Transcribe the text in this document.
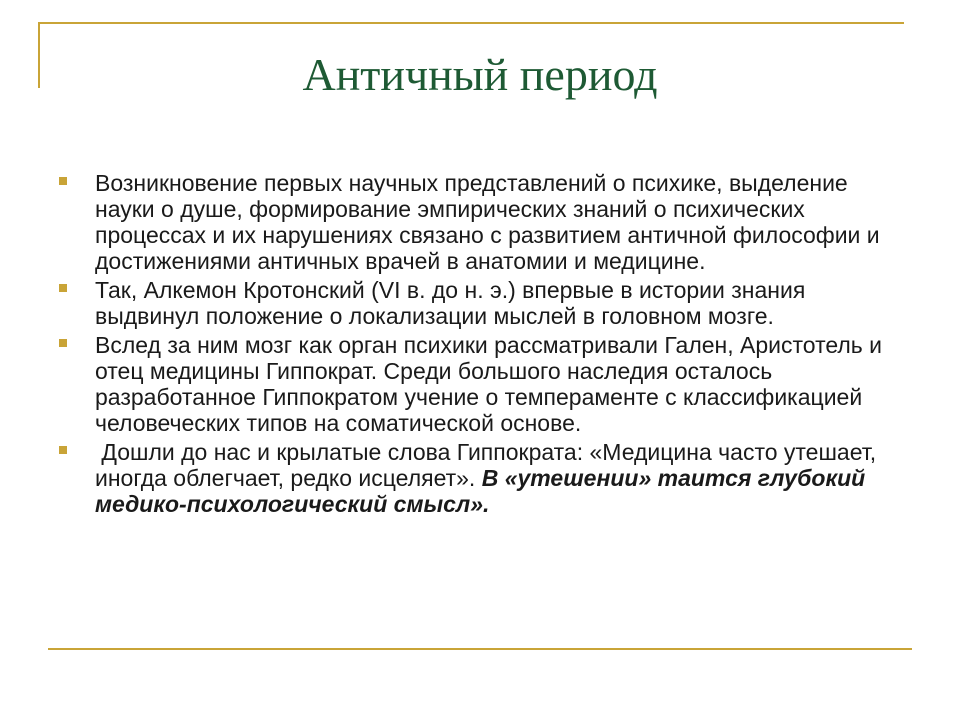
Античный период
Возникновение первых научных представлений о психике, выделение науки о душе, формирование эмпирических знаний о психических процессах и их нарушениях связано с развитием античной философии и достижениями античных врачей в анатомии и медицине.
Так, Алкемон Кротонский (VI в. до н. э.) впервые в истории знания выдвинул положение о локализации мыслей в головном мозге.
Вслед за ним мозг как орган психики рассматривали Гален, Аристотель и отец медицины Гиппократ. Среди большого наследия осталось разработанное Гиппократом учение о темпераменте с классификацией человеческих типов на соматической основе.
Дошли до нас и крылатые слова Гиппократа: «Медицина часто утешает, иногда облегчает, редко исцеляет». В «утешении» таится глубокий медико-психологический смысл».
